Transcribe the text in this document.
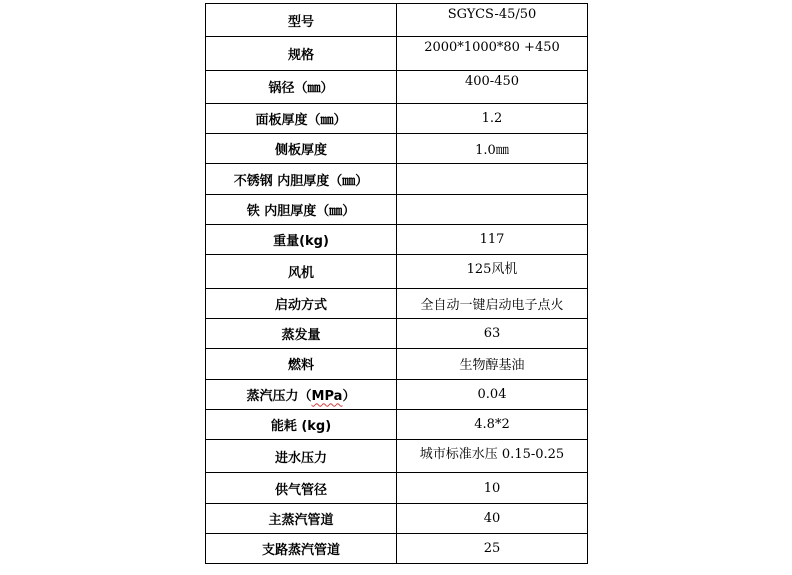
型号	SGYCS-45/50
规格	2000*1000*80 +450
锅径（㎜）	400-450
面板厚度（㎜）	1.2
侧板厚度	1.0㎜
不锈钢 内胆厚度（㎜）	
铁 内胆厚度（㎜）	
重量(kg)	117
风机	125风机
启动方式	全自动一键启动电子点火
蒸发量	63
燃料	生物醇基油
蒸汽压力（MPa）	0.04
能耗 (kg)	4.8*2
进水压力	城市标准水压 0.15-0.25
供气管径	10
主蒸汽管道	40
支路蒸汽管道	25
